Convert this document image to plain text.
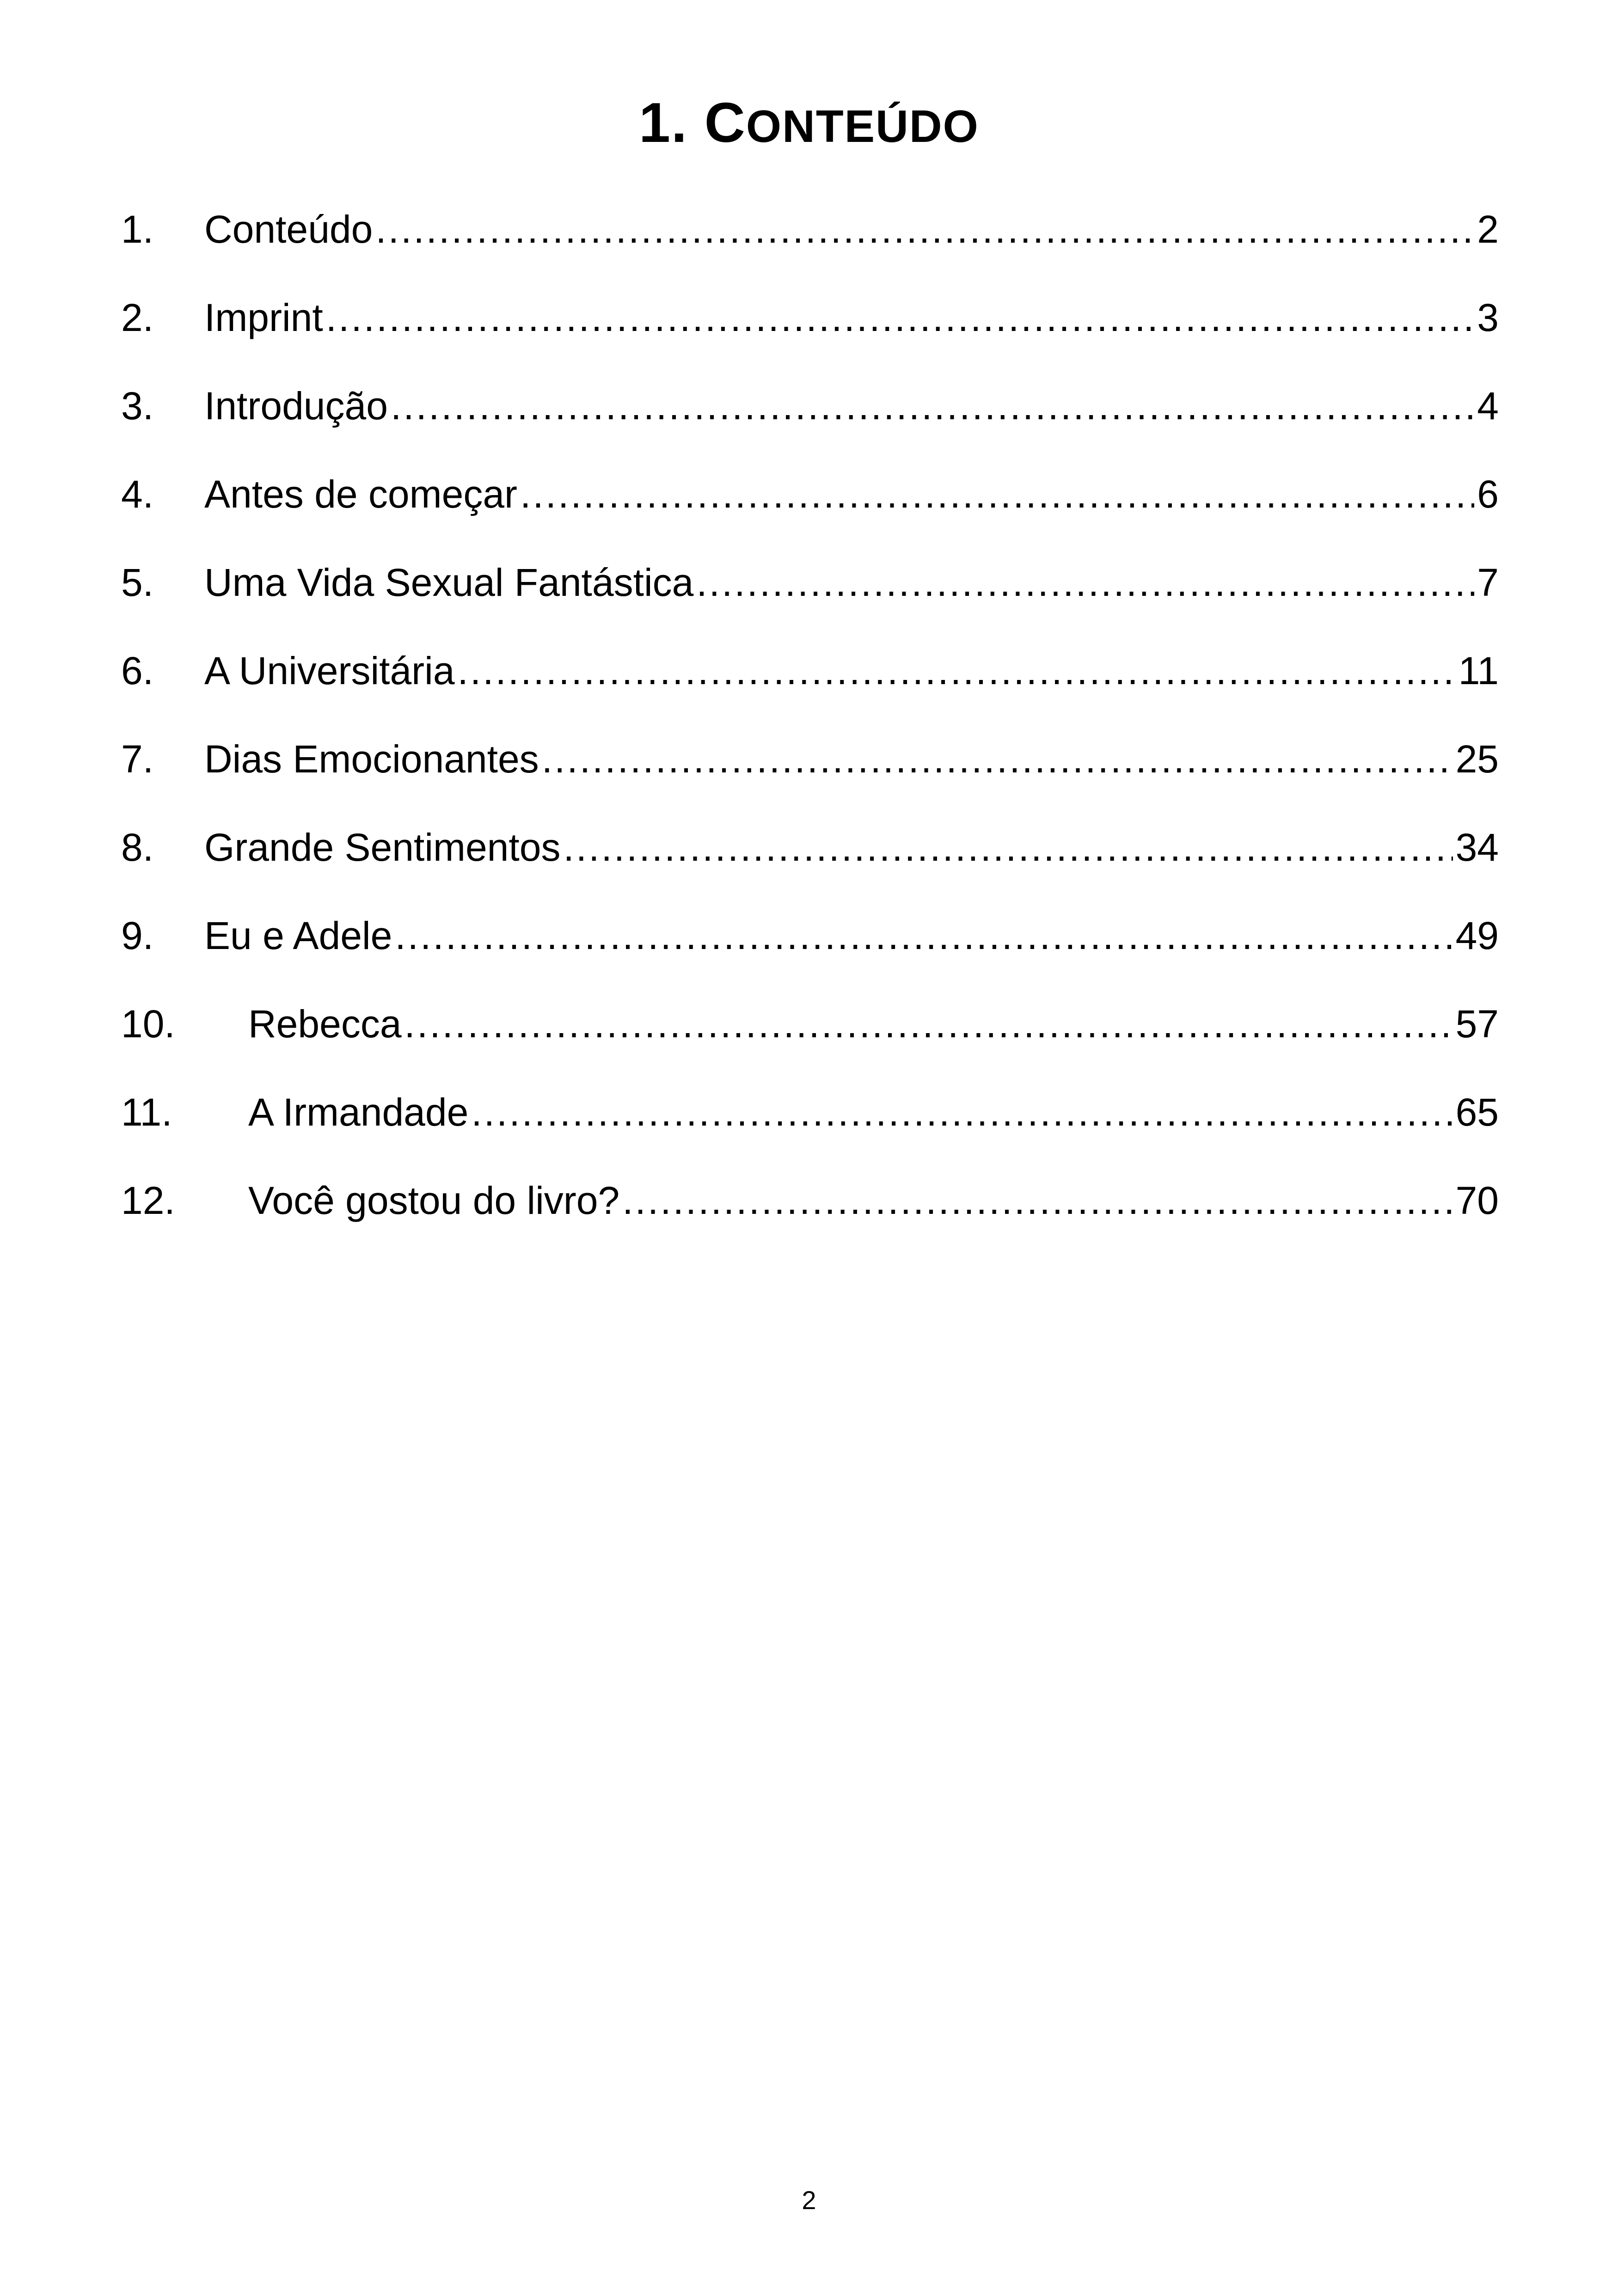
1. CONTEÚDO
1.	Conteúdo .....	2
2.	Imprint .....	3
3.	Introdução .....	4
4.	Antes de começar .....	6
5.	Uma Vida Sexual Fantástica .....	7
6.	A Universitária .....	11
7.	Dias Emocionantes .....	25
8.	Grande Sentimentos .....	34
9.	Eu e Adele .....	49
10.	Rebecca .....	57
11.	A Irmandade .....	65
12.	Você gostou do livro? .....	70
2
